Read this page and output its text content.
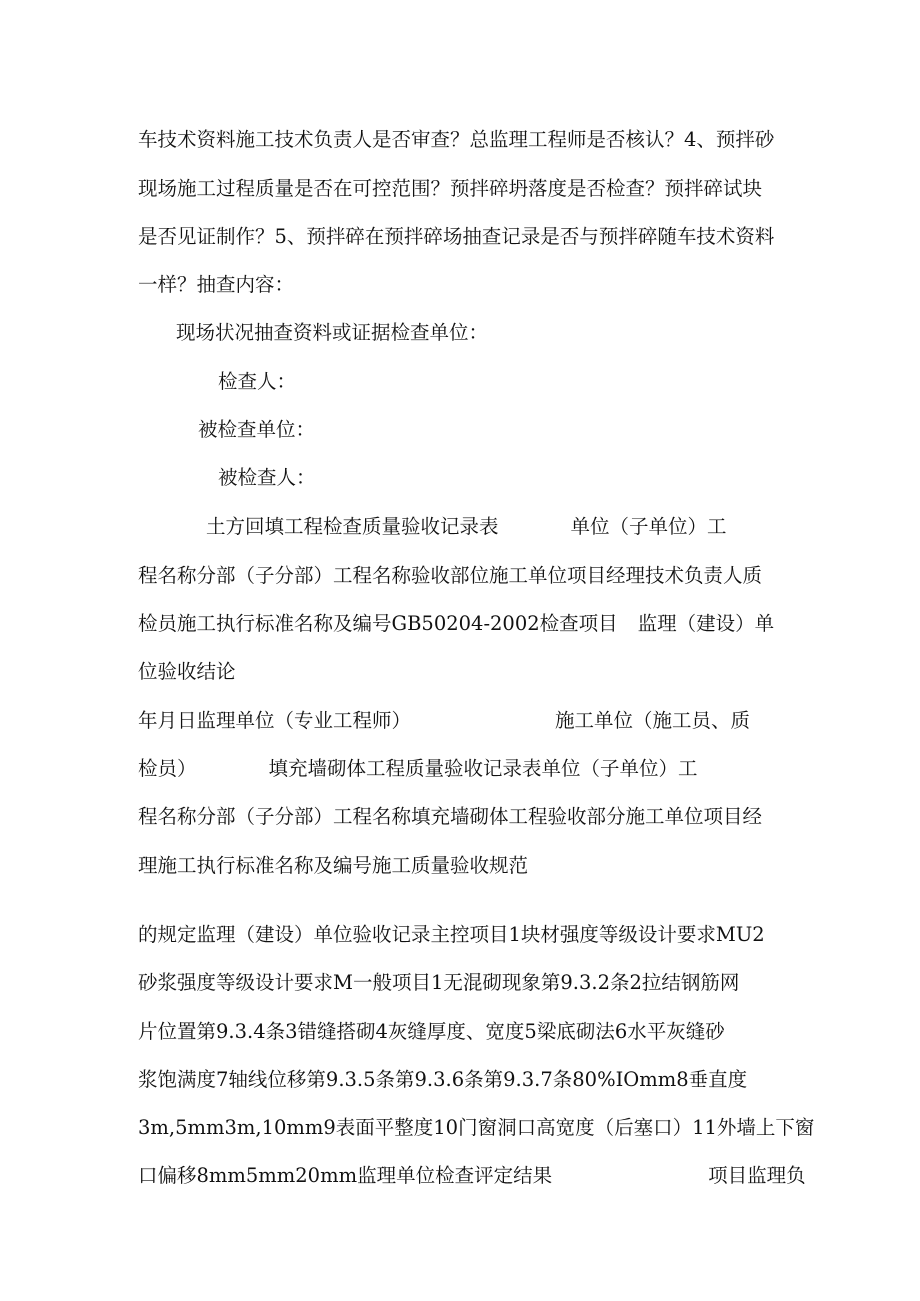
车技术资料施工技术负责人是否审查？总监理工程师是否核认？4、预拌砂
现场施工过程质量是否在可控范围？预拌碎坍落度是否检查？预拌碎试块
是否见证制作？5、预拌碎在预拌碎场抽查记录是否与预拌碎随车技术资料
一样？抽查内容：
现场状况抽查资料或证据检查单位：
检查人：
被检查单位：
被检查人：
土方回填工程检查质量验收记录表	单位（子单位）工
程名称分部（子分部）工程名称验收部位施工单位项目经理技术负责人质
检员施工执行标准名称及编号GB50204-2002检查项目 监理（建设）单
位验收结论
年月日监理单位（专业工程师）	施工单位（施工员、质
检员）	填充墙砌体工程质量验收记录表单位（子单位）工
程名称分部（子分部）工程名称填充墙砌体工程验收部分施工单位项目经
理施工执行标准名称及编号施工质量验收规范
的规定监理（建设）单位验收记录主控项目1块材强度等级设计要求MU2
砂浆强度等级设计要求M一般项目1无混砌现象第9.3.2条2拉结钢筋网
片位置第9.3.4条3错缝搭砌4灰缝厚度、宽度5梁底砌法6水平灰缝砂
浆饱满度7轴线位移第9.3.5条第9.3.6条第9.3.7条80%IOmm8垂直度
3m,5mm3m,10mm9表面平整度10门窗洞口高宽度（后塞口）11外墙上下窗
口偏移8mm5mm20mm监理单位检查评定结果	项目监理负
